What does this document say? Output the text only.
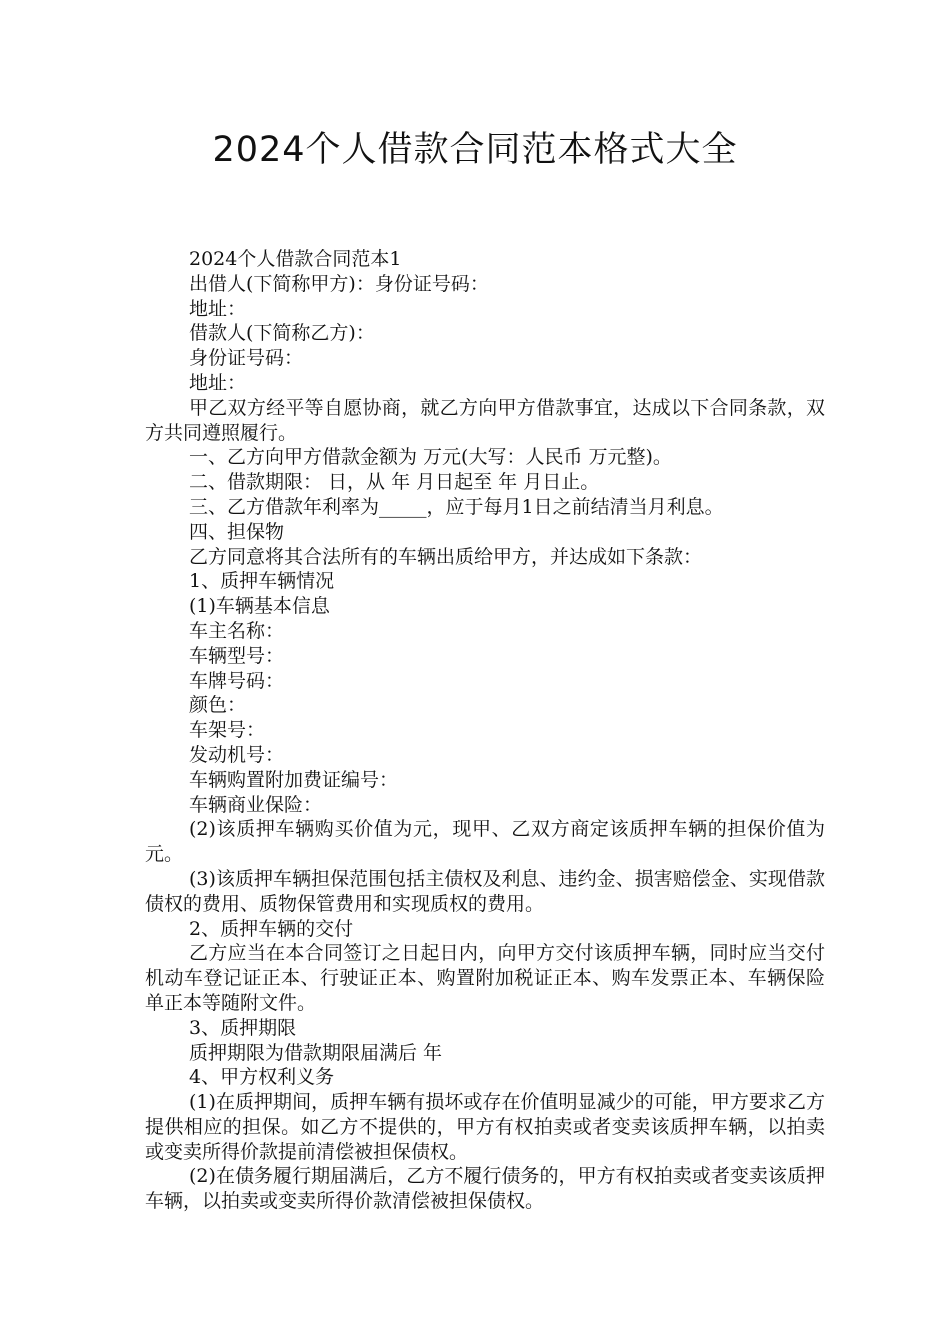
2024个人借款合同范本格式大全

2024个人借款合同范本1

出借人(下简称甲方)：身份证号码：

地址：

借款人(下简称乙方)：

身份证号码：

地址：

甲乙双方经平等自愿协商，就乙方向甲方借款事宜，达成以下合同条款，双方共同遵照履行。

一、乙方向甲方借款金额为 万元(大写：人民币 万元整)。

二、借款期限： 日，从 年 月日起至 年 月日止。

三、乙方借款年利率为_____，应于每月1日之前结清当月利息。

四、担保物

乙方同意将其合法所有的车辆出质给甲方，并达成如下条款：

1、质押车辆情况

(1)车辆基本信息

车主名称：

车辆型号：

车牌号码：

颜色：

车架号：

发动机号：

车辆购置附加费证编号：

车辆商业保险：

(2)该质押车辆购买价值为元，现甲、乙双方商定该质押车辆的担保价值为 元。

(3)该质押车辆担保范围包括主债权及利息、违约金、损害赔偿金、实现借款债权的费用、质物保管费用和实现质权的费用。

2、质押车辆的交付

乙方应当在本合同签订之日起日内，向甲方交付该质押车辆，同时应当交付机动车登记证正本、行驶证正本、购置附加税证正本、购车发票正本、车辆保险单正本等随附文件。

3、质押期限

质押期限为借款期限届满后 年

4、甲方权利义务

(1)在质押期间，质押车辆有损坏或存在价值明显减少的可能，甲方要求乙方提供相应的担保。如乙方不提供的，甲方有权拍卖或者变卖该质押车辆，以拍卖或变卖所得价款提前清偿被担保债权。

(2)在债务履行期届满后，乙方不履行债务的，甲方有权拍卖或者变卖该质押车辆，以拍卖或变卖所得价款清偿被担保债权。
